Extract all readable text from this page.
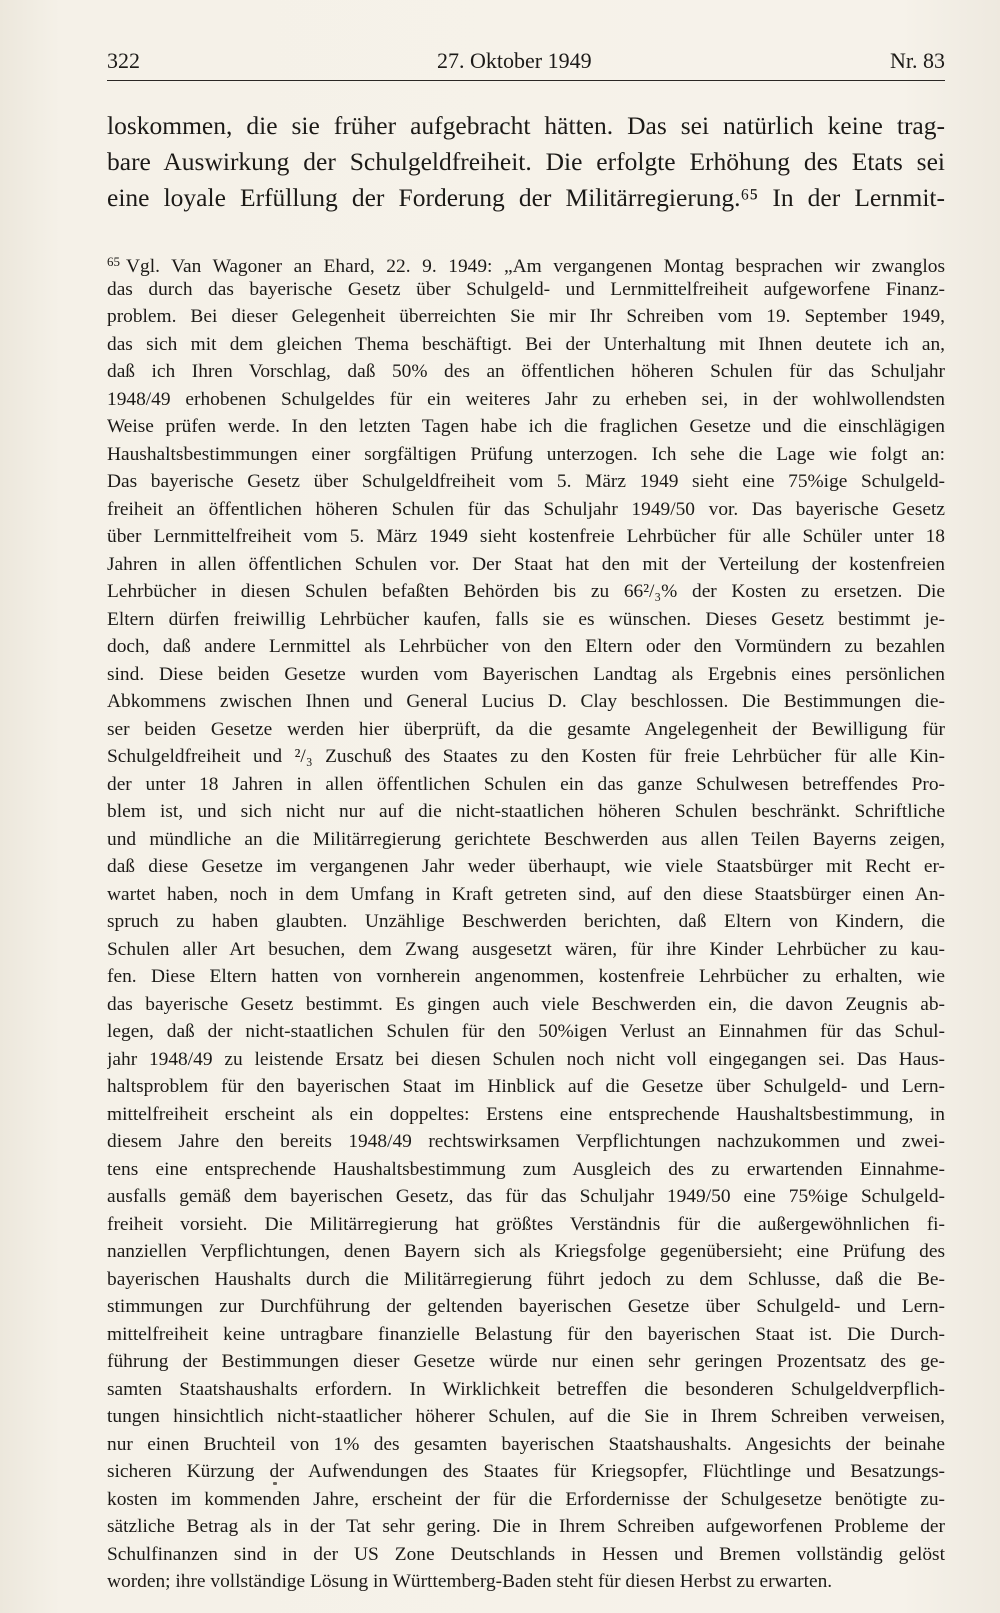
322	27. Oktober 1949	Nr. 83
loskommen, die sie früher aufgebracht hätten. Das sei natürlich keine trag-
bare Auswirkung der Schulgeldfreiheit. Die erfolgte Erhöhung des Etats sei
eine loyale Erfüllung der Forderung der Militärregierung.⁶⁵ In der Lernmit-
$^{65}$ Vgl. Van Wagoner an Ehard, 22. 9. 1949: „Am vergangenen Montag besprachen wir zwanglos
das durch das bayerische Gesetz über Schulgeld- und Lernmittelfreiheit aufgeworfene Finanz-
problem. Bei dieser Gelegenheit überreichten Sie mir Ihr Schreiben vom 19. September 1949,
das sich mit dem gleichen Thema beschäftigt. Bei der Unterhaltung mit Ihnen deutete ich an,
daß ich Ihren Vorschlag, daß 50% des an öffentlichen höheren Schulen für das Schuljahr
1948/49 erhobenen Schulgeldes für ein weiteres Jahr zu erheben sei, in der wohlwollendsten
Weise prüfen werde. In den letzten Tagen habe ich die fraglichen Gesetze und die einschlägigen
Haushaltsbestimmungen einer sorgfältigen Prüfung unterzogen. Ich sehe die Lage wie folgt an:
Das bayerische Gesetz über Schulgeldfreiheit vom 5. März 1949 sieht eine 75%ige Schulgeld-
freiheit an öffentlichen höheren Schulen für das Schuljahr 1949/50 vor. Das bayerische Gesetz
über Lernmittelfreiheit vom 5. März 1949 sieht kostenfreie Lehrbücher für alle Schüler unter 18
Jahren in allen öffentlichen Schulen vor. Der Staat hat den mit der Verteilung der kostenfreien
Lehrbücher in diesen Schulen befaßten Behörden bis zu 66²/₃% der Kosten zu ersetzen. Die
Eltern dürfen freiwillig Lehrbücher kaufen, falls sie es wünschen. Dieses Gesetz bestimmt je-
doch, daß andere Lernmittel als Lehrbücher von den Eltern oder den Vormündern zu bezahlen
sind. Diese beiden Gesetze wurden vom Bayerischen Landtag als Ergebnis eines persönlichen
Abkommens zwischen Ihnen und General Lucius D. Clay beschlossen. Die Bestimmungen die-
ser beiden Gesetze werden hier überprüft, da die gesamte Angelegenheit der Bewilligung für
Schulgeldfreiheit und ²/₃ Zuschuß des Staates zu den Kosten für freie Lehrbücher für alle Kin-
der unter 18 Jahren in allen öffentlichen Schulen ein das ganze Schulwesen betreffendes Pro-
blem ist, und sich nicht nur auf die nicht-staatlichen höheren Schulen beschränkt. Schriftliche
und mündliche an die Militärregierung gerichtete Beschwerden aus allen Teilen Bayerns zeigen,
daß diese Gesetze im vergangenen Jahr weder überhaupt, wie viele Staatsbürger mit Recht er-
wartet haben, noch in dem Umfang in Kraft getreten sind, auf den diese Staatsbürger einen An-
spruch zu haben glaubten. Unzählige Beschwerden berichten, daß Eltern von Kindern, die
Schulen aller Art besuchen, dem Zwang ausgesetzt wären, für ihre Kinder Lehrbücher zu kau-
fen. Diese Eltern hatten von vornherein angenommen, kostenfreie Lehrbücher zu erhalten, wie
das bayerische Gesetz bestimmt. Es gingen auch viele Beschwerden ein, die davon Zeugnis ab-
legen, daß der nicht-staatlichen Schulen für den 50%igen Verlust an Einnahmen für das Schul-
jahr 1948/49 zu leistende Ersatz bei diesen Schulen noch nicht voll eingegangen sei. Das Haus-
haltsproblem für den bayerischen Staat im Hinblick auf die Gesetze über Schulgeld- und Lern-
mittelfreiheit erscheint als ein doppeltes: Erstens eine entsprechende Haushaltsbestimmung, in
diesem Jahre den bereits 1948/49 rechtswirksamen Verpflichtungen nachzukommen und zwei-
tens eine entsprechende Haushaltsbestimmung zum Ausgleich des zu erwartenden Einnahme-
ausfalls gemäß dem bayerischen Gesetz, das für das Schuljahr 1949/50 eine 75%ige Schulgeld-
freiheit vorsieht. Die Militärregierung hat größtes Verständnis für die außergewöhnlichen fi-
nanziellen Verpflichtungen, denen Bayern sich als Kriegsfolge gegenübersieht; eine Prüfung des
bayerischen Haushalts durch die Militärregierung führt jedoch zu dem Schlusse, daß die Be-
stimmungen zur Durchführung der geltenden bayerischen Gesetze über Schulgeld- und Lern-
mittelfreiheit keine untragbare finanzielle Belastung für den bayerischen Staat ist. Die Durch-
führung der Bestimmungen dieser Gesetze würde nur einen sehr geringen Prozentsatz des ge-
samten Staatshaushalts erfordern. In Wirklichkeit betreffen die besonderen Schulgeldverpflich-
tungen hinsichtlich nicht-staatlicher höherer Schulen, auf die Sie in Ihrem Schreiben verweisen,
nur einen Bruchteil von 1% des gesamten bayerischen Staatshaushalts. Angesichts der beinahe
sicheren Kürzung der Aufwendungen des Staates für Kriegsopfer, Flüchtlinge und Besatzungs-
kosten im kommenden Jahre, erscheint der für die Erfordernisse der Schulgesetze benötigte zu-
sätzliche Betrag als in der Tat sehr gering. Die in Ihrem Schreiben aufgeworfenen Probleme der
Schulfinanzen sind in der US Zone Deutschlands in Hessen und Bremen vollständig gelöst
worden; ihre vollständige Lösung in Württemberg-Baden steht für diesen Herbst zu erwarten.
